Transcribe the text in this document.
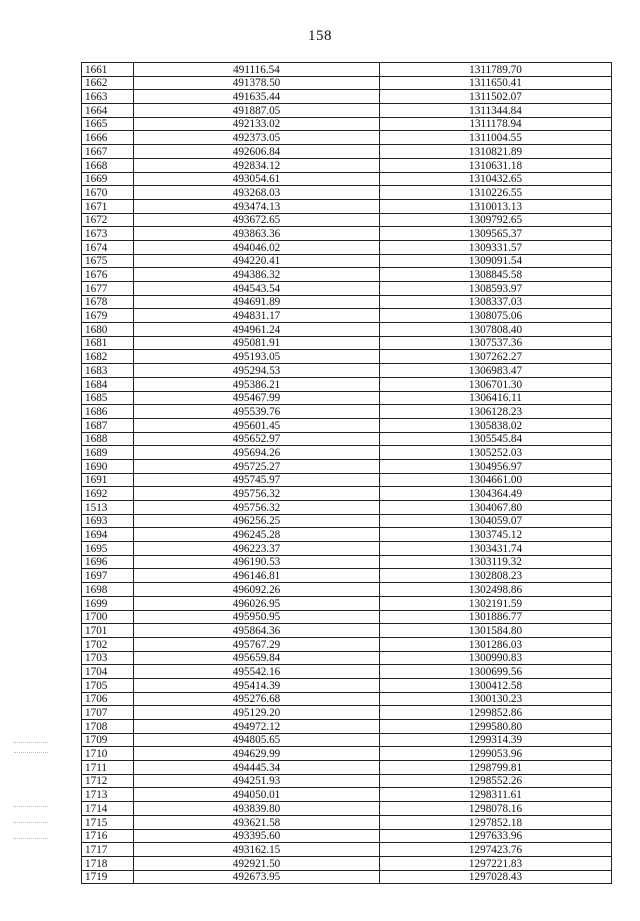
158
1661	491116.54	1311789.70
1662	491378.50	1311650.41
1663	491635.44	1311502.07
1664	491887.05	1311344.84
1665	492133.02	1311178.94
1666	492373.05	1311004.55
1667	492606.84	1310821.89
1668	492834.12	1310631.18
1669	493054.61	1310432.65
1670	493268.03	1310226.55
1671	493474.13	1310013.13
1672	493672.65	1309792.65
1673	493863.36	1309565.37
1674	494046.02	1309331.57
1675	494220.41	1309091.54
1676	494386.32	1308845.58
1677	494543.54	1308593.97
1678	494691.89	1308337.03
1679	494831.17	1308075.06
1680	494961.24	1307808.40
1681	495081.91	1307537.36
1682	495193.05	1307262.27
1683	495294.53	1306983.47
1684	495386.21	1306701.30
1685	495467.99	1306416.11
1686	495539.76	1306128.23
1687	495601.45	1305838.02
1688	495652.97	1305545.84
1689	495694.26	1305252.03
1690	495725.27	1304956.97
1691	495745.97	1304661.00
1692	495756.32	1304364.49
1513	495756.32	1304067.80
1693	496256.25	1304059.07
1694	496245.28	1303745.12
1695	496223.37	1303431.74
1696	496190.53	1303119.32
1697	496146.81	1302808.23
1698	496092.26	1302498.86
1699	496026.95	1302191.59
1700	495950.95	1301886.77
1701	495864.36	1301584.80
1702	495767.29	1301286.03
1703	495659.84	1300990.83
1704	495542.16	1300699.56
1705	495414.39	1300412.58
1706	495276.68	1300130.23
1707	495129.20	1299852.86
1708	494972.12	1299580.80
1709	494805.65	1299314.39
1710	494629.99	1299053.96
1711	494445.34	1298799.81
1712	494251.93	1298552.26
1713	494050.01	1298311.61
1714	493839.80	1298078.16
1715	493621.58	1297852.18
1716	493395.60	1297633.96
1717	493162.15	1297423.76
1718	492921.50	1297221.83
1719	492673.95	1297028.43
